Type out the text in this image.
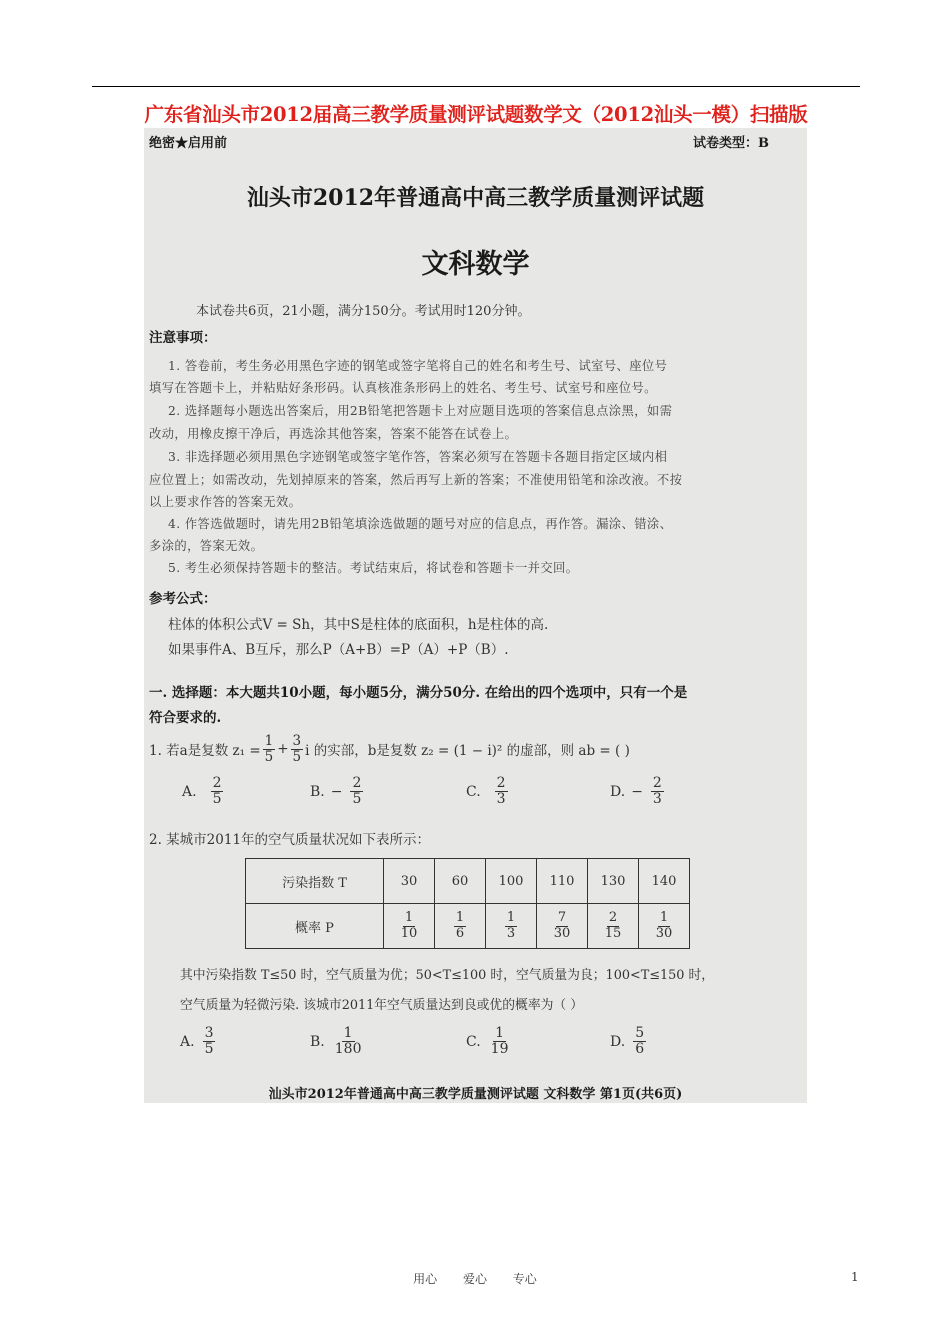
广东省汕头市2012届高三教学质量测评试题数学文（2012汕头一模）扫描版
绝密★启用前	试卷类型：B
汕头市2012年普通高中高三教学质量测评试题
文科数学
本试卷共6页，21小题，满分150分。考试用时120分钟。
注意事项：
1. 答卷前，考生务必用黑色字迹的钢笔或签字笔将自己的姓名和考生号、试室号、座位号
填写在答题卡上，并粘贴好条形码。认真核准条形码上的姓名、考生号、试室号和座位号。
2. 选择题每小题选出答案后，用2B铅笔把答题卡上对应题目选项的答案信息点涂黑，如需
改动，用橡皮擦干净后，再选涂其他答案，答案不能答在试卷上。
3. 非选择题必须用黑色字迹钢笔或签字笔作答，答案必须写在答题卡各题目指定区域内相
应位置上；如需改动，先划掉原来的答案，然后再写上新的答案；不准使用铅笔和涂改液。不按
以上要求作答的答案无效。
4. 作答选做题时，请先用2B铅笔填涂选做题的题号对应的信息点，再作答。漏涂、错涂、
多涂的，答案无效。
5. 考生必须保持答题卡的整洁。考试结束后，将试卷和答题卡一并交回。
参考公式：
柱体的体积公式V = Sh，其中S是柱体的底面积，h是柱体的高.
如果事件A、B互斥，那么P（A+B）=P（A）+P（B）.
一. 选择题：本大题共10小题，每小题5分，满分50分. 在给出的四个选项中，只有一个是
符合要求的.
1. 若a是复数 $z_1 = \frac{1}{5} + \frac{3}{5}$ i 的实部，b是复数 z₂ = (1 − i)² 的虚部，则 ab = ( )
A. $\frac{2}{5}$	B. − $\frac{2}{5}$	C. $\frac{2}{3}$	D. − $\frac{2}{3}$
2. 某城市2011年的空气质量状况如下表所示：
污染指数 T	30	60	100	110	130	140
概率 P	$\frac{1}{10}$	$\frac{1}{6}$	$\frac{1}{3}$	$\frac{7}{30}$	$\frac{2}{15}$	$\frac{1}{30}$
其中污染指数 T≤50 时，空气质量为优；50<T≤100 时，空气质量为良；100<T≤150 时，
空气质量为轻微污染. 该城市2011年空气质量达到良或优的概率为（ ）
A. $\frac{3}{5}$	B. $\frac{1}{180}$	C. $\frac{1}{19}$	D. $\frac{5}{6}$
汕头市2012年普通高中高三教学质量测评试题 文科数学 第1页(共6页)
用心 爱心 专心	1
